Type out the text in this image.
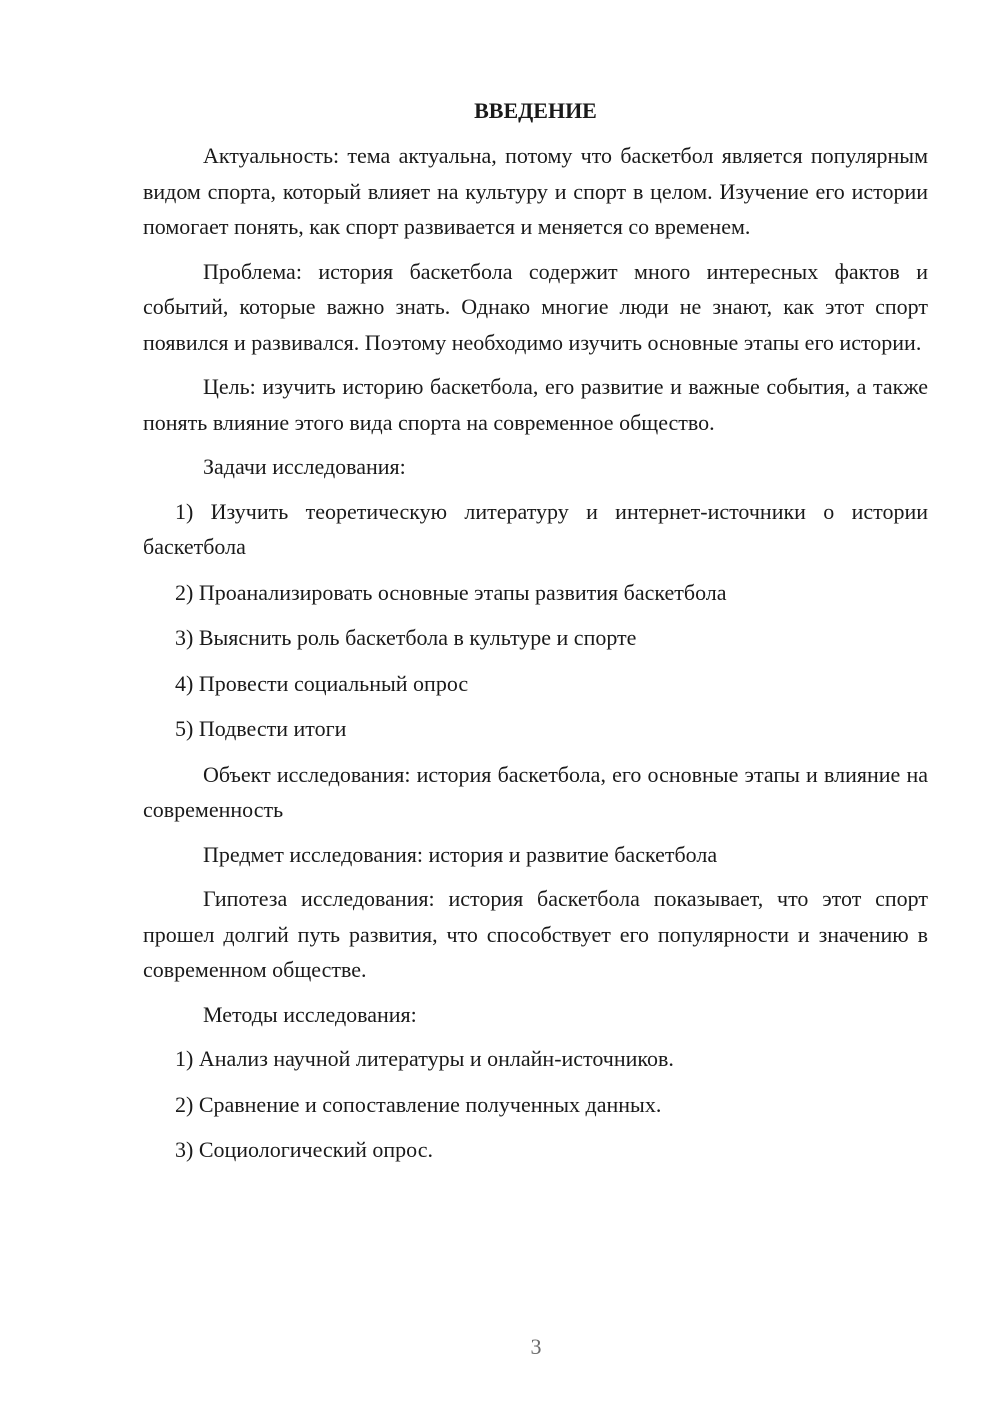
ВВЕДЕНИЕ

Актуальность: тема актуальна, потому что баскетбол является популярным видом спорта, который влияет на культуру и спорт в целом. Изучение его истории помогает понять, как спорт развивается и меняется со временем.

Проблема: история баскетбола содержит много интересных фактов и событий, которые важно знать. Однако многие люди не знают, как этот спорт появился и развивался. Поэтому необходимо изучить основные этапы его истории.

Цель: изучить историю баскетбола, его развитие и важные события, а также понять влияние этого вида спорта на современное общество.

Задачи исследования:

1) Изучить теоретическую литературу и интернет-источники о истории баскетбола

2) Проанализировать основные этапы развития баскетбола

3) Выяснить роль баскетбола в культуре и спорте

4) Провести социальный опрос

5) Подвести итоги

Объект исследования: история баскетбола, его основные этапы и влияние на современность

Предмет исследования: история и развитие баскетбола

Гипотеза исследования: история баскетбола показывает, что этот спорт прошел долгий путь развития, что способствует его популярности и значению в современном обществе.

Методы исследования:

1) Анализ научной литературы и онлайн-источников.

2) Сравнение и сопоставление полученных данных.

3) Социологический опрос.

3
